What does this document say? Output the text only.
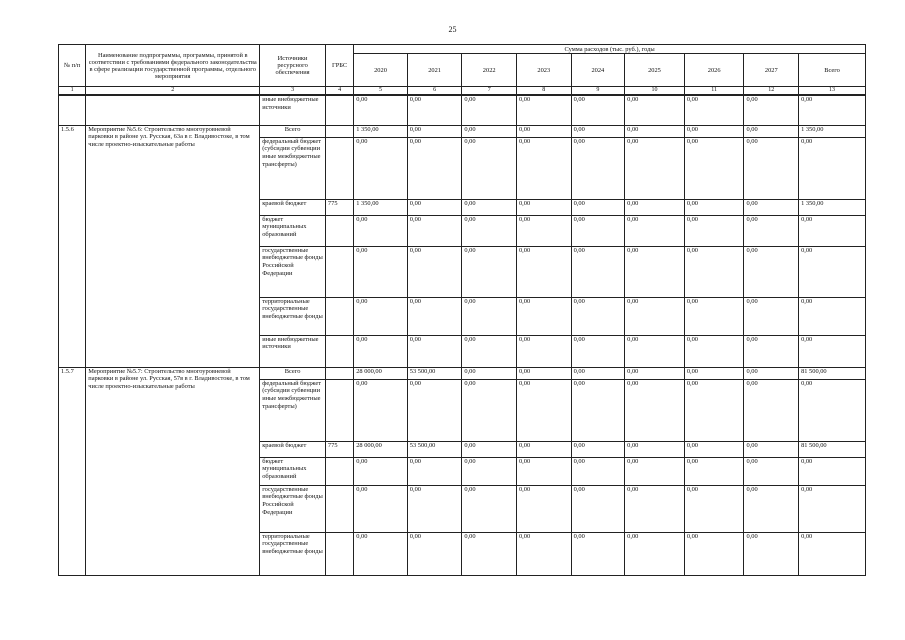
25
№ п/п	Наименование подпрограммы, программы, принятой в соответствии с требованиями федерального законодательства в сфере реализации государственной программы, отдельного мероприятия	Источники ресурсного обеспечения	ГРБС	Сумма расходов (тыс. руб.), годы								
				2020	2021	2022	2023	2024	2025	2026	2027	Всего
1	2	3	4	5	6	7	8	9	10	11	12	13
		иные внебюджетные источники		0,00	0,00	0,00	0,00	0,00	0,00	0,00	0,00	0,00
1.5.6	Мероприятие №5.6: Строительство многоуровневой парковки в районе ул. Русская, 63а в г. Владивостоке, в том числе проектно-изыскательные работы	Всего		1 350,00	0,00	0,00	0,00	0,00	0,00	0,00	0,00	1 350,00
		федеральный бюджет (субсидии субвенции иные межбюджетные трансферты)		0,00	0,00	0,00	0,00	0,00	0,00	0,00	0,00	0,00
		краевой бюджет	775	1 350,00	0,00	0,00	0,00	0,00	0,00	0,00	0,00	1 350,00
		бюджет муниципальных образований		0,00	0,00	0,00	0,00	0,00	0,00	0,00	0,00	0,00
		государственные внебюджетные фонды Российской Федерации		0,00	0,00	0,00	0,00	0,00	0,00	0,00	0,00	0,00
		территориальные государственные внебюджетные фонды		0,00	0,00	0,00	0,00	0,00	0,00	0,00	0,00	0,00
		иные внебюджетные источники		0,00	0,00	0,00	0,00	0,00	0,00	0,00	0,00	0,00
1.5.7	Мероприятие №5.7: Строительство многоуровневой парковки в районе ул. Русская, 57в в г. Владивостоке, в том числе проектно-изыскательные работы	Всего		28 000,00	53 500,00	0,00	0,00	0,00	0,00	0,00	0,00	81 500,00
		федеральный бюджет (субсидии субвенции иные межбюджетные трансферты)		0,00	0,00	0,00	0,00	0,00	0,00	0,00	0,00	0,00
		краевой бюджет	775	28 000,00	53 500,00	0,00	0,00	0,00	0,00	0,00	0,00	81 500,00
		бюджет муниципальных образований		0,00	0,00	0,00	0,00	0,00	0,00	0,00	0,00	0,00
		государственные внебюджетные фонды Российской Федерации		0,00	0,00	0,00	0,00	0,00	0,00	0,00	0,00	0,00
		территориальные государственные внебюджетные фонды		0,00	0,00	0,00	0,00	0,00	0,00	0,00	0,00	0,00
